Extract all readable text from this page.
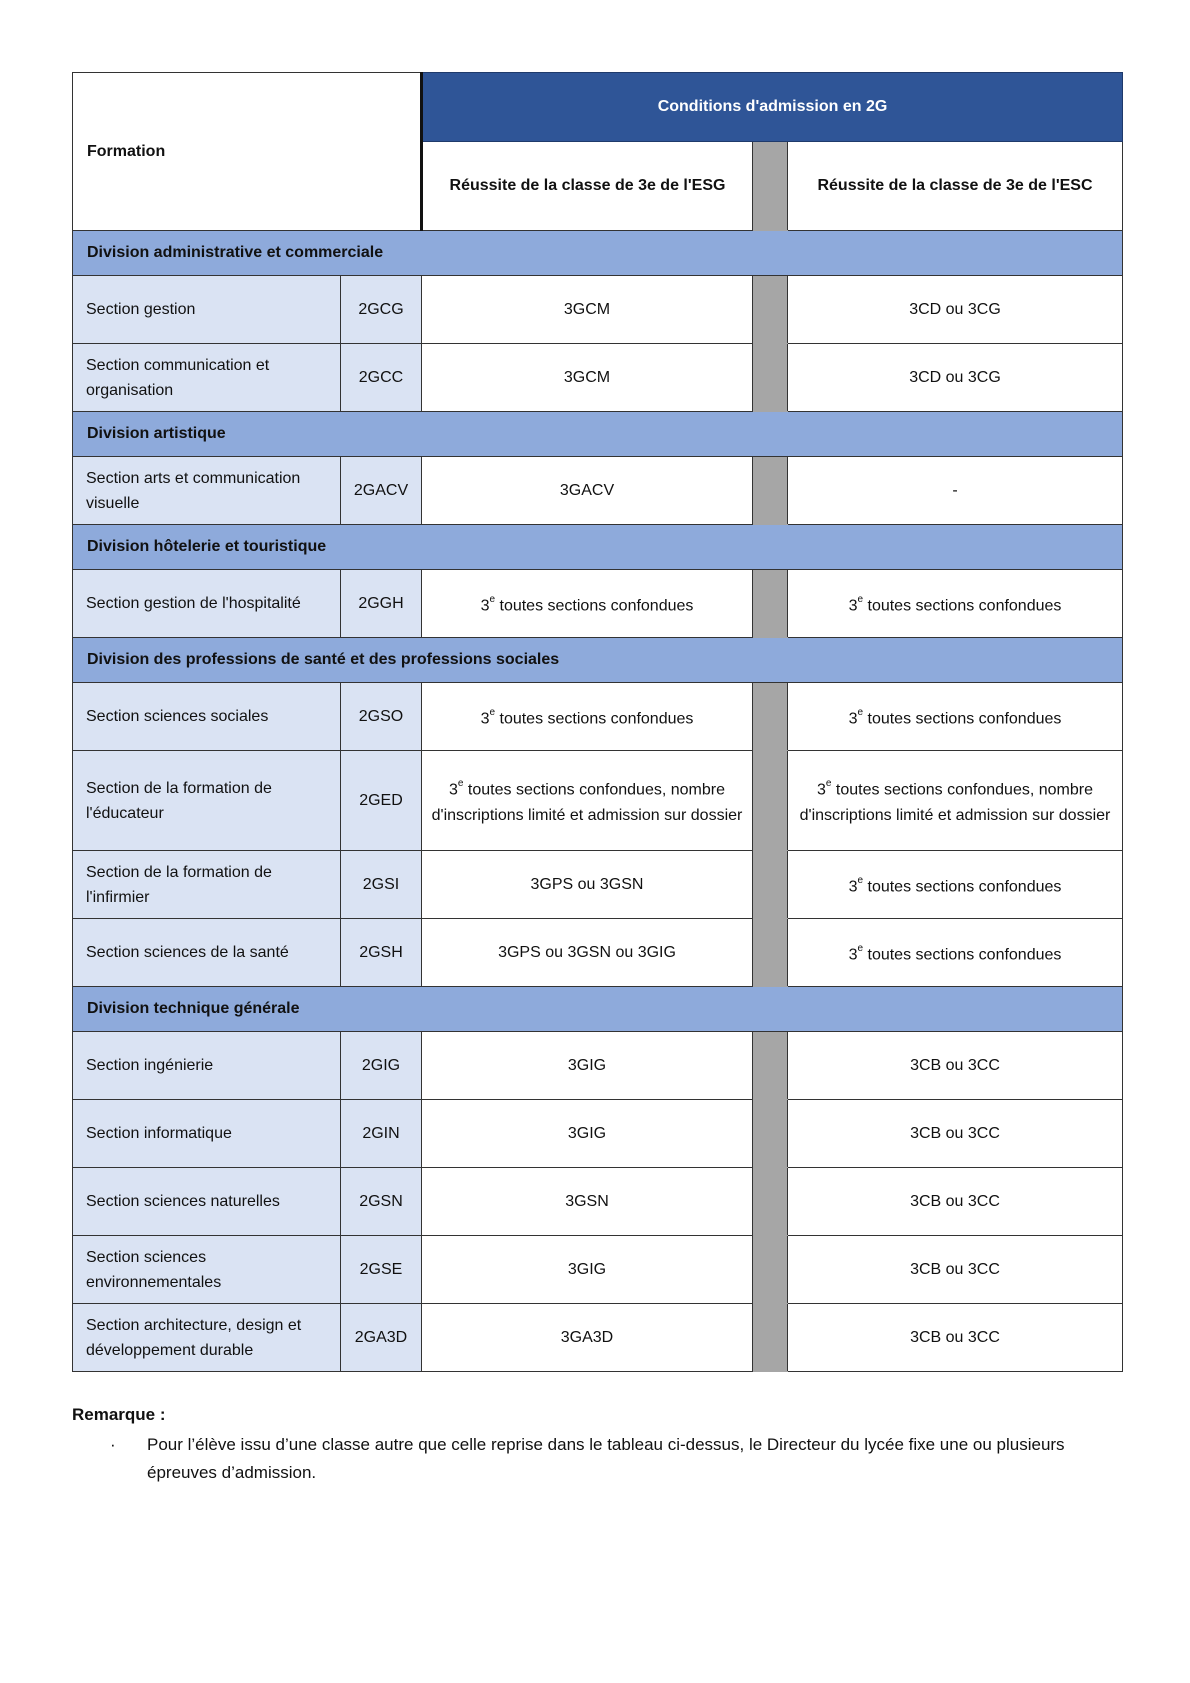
Formation		Conditions d'admission en 2G		
		Réussite de la classe de 3e de l'ESG		Réussite de la classe de 3e de l'ESC
Division administrative et commerciale				
Section gestion	2GCG	3GCM		3CD ou 3CG
Section communication et organisation	2GCC	3GCM		3CD ou 3CG
Division artistique				
Section arts et communication visuelle	2GACV	3GACV		-
Division hôtelerie et touristique				
Section gestion de l'hospitalité	2GGH	3e toutes sections confondues		3e toutes sections confondues
Division des professions de santé et des professions sociales				
Section sciences sociales	2GSO	3e toutes sections confondues		3e toutes sections confondues
Section de la formation de l'éducateur	2GED	3e toutes sections confondues, nombre d'inscriptions limité et admission sur dossier		3e toutes sections confondues, nombre d'inscriptions limité et admission sur dossier
Section de la formation de l'infirmier	2GSI	3GPS ou 3GSN		3e toutes sections confondues
Section sciences de la santé	2GSH	3GPS ou 3GSN ou 3GIG		3e toutes sections confondues
Division technique générale				
Section ingénierie	2GIG	3GIG		3CB ou 3CC
Section informatique	2GIN	3GIG		3CB ou 3CC
Section sciences naturelles	2GSN	3GSN		3CB ou 3CC
Section sciences environnementales	2GSE	3GIG		3CB ou 3CC
Section architecture, design et développement durable	2GA3D	3GA3D		3CB ou 3CC
Remarque :
· Pour l’élève issu d’une classe autre que celle reprise dans le tableau ci-dessus, le Directeur du lycée fixe une ou plusieurs épreuves d’admission.
